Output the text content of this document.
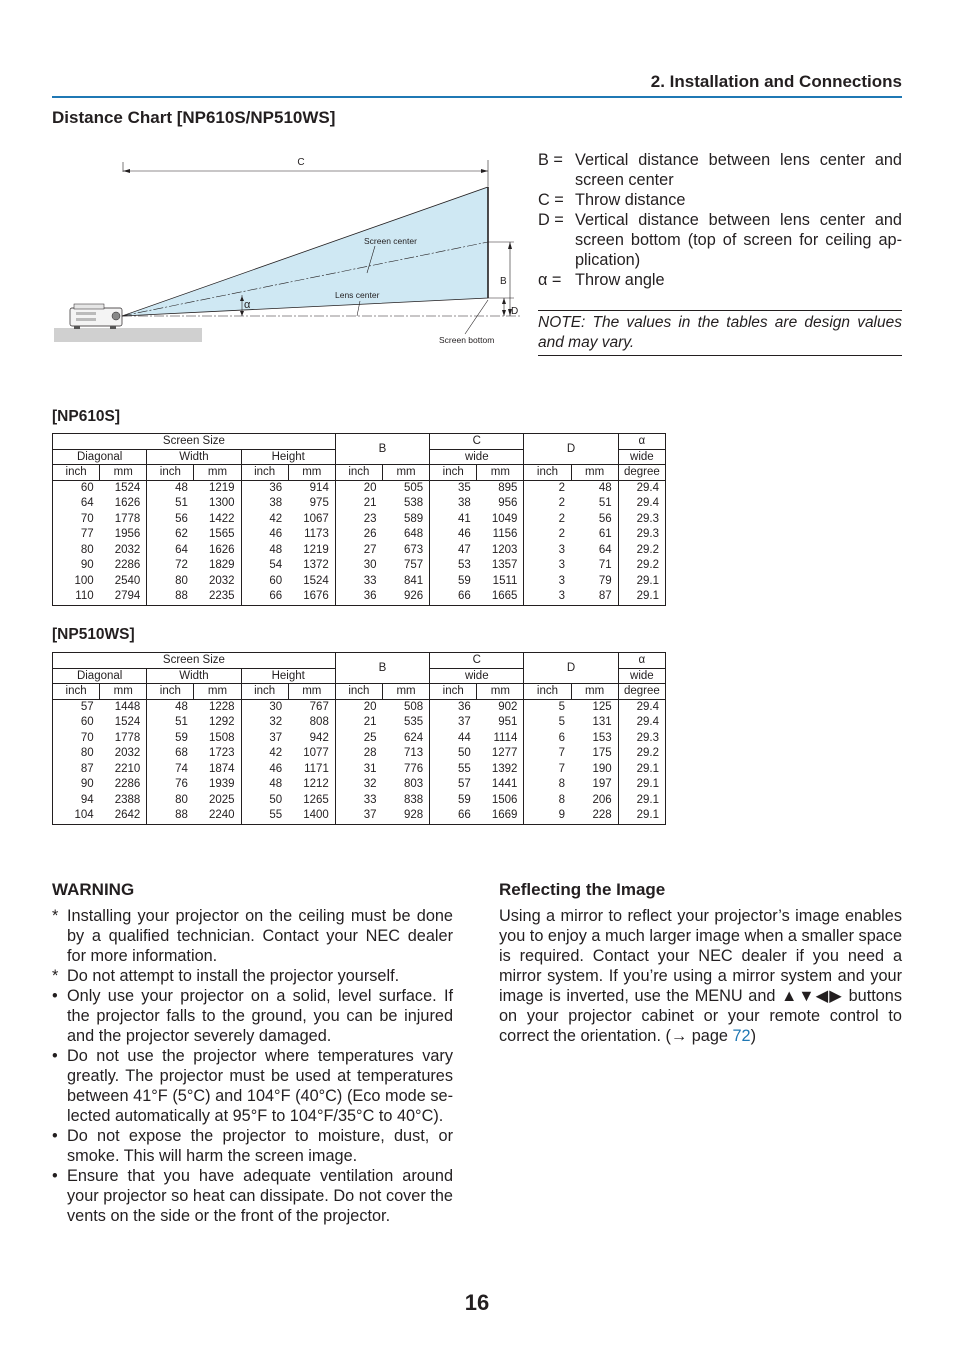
2. Installation and Connections
Distance Chart [NP610S/NP510WS]
C
B
D
α
Screen center
Lens center
Screen bottom
B = Vertical distance between lens center and screen center
C = Throw distance
D = Vertical distance between lens center and screen bottom (top of screen for ceiling ap-plication)
α = Throw angle
NOTE: The values in the tables are design values and may vary.
[NP610S]
Screen Size						B		C		D		α
Diagonal		Width		Height				wide				wide
inch	mm	inch	mm	inch	mm	inch	mm	inch	mm	inch	mm	degree
60	1524	48	1219	36	914	20	505	35	895	2	48	29.4
64	1626	51	1300	38	975	21	538	38	956	2	51	29.4
70	1778	56	1422	42	1067	23	589	41	1049	2	56	29.3
77	1956	62	1565	46	1173	26	648	46	1156	2	61	29.3
80	2032	64	1626	48	1219	27	673	47	1203	3	64	29.2
90	2286	72	1829	54	1372	30	757	53	1357	3	71	29.2
100	2540	80	2032	60	1524	33	841	59	1511	3	79	29.1
110	2794	88	2235	66	1676	36	926	66	1665	3	87	29.1
[NP510WS]
Screen Size						B		C		D		α
Diagonal		Width		Height				wide				wide
inch	mm	inch	mm	inch	mm	inch	mm	inch	mm	inch	mm	degree
57	1448	48	1228	30	767	20	508	36	902	5	125	29.4
60	1524	51	1292	32	808	21	535	37	951	5	131	29.4
70	1778	59	1508	37	942	25	624	44	1114	6	153	29.3
80	2032	68	1723	42	1077	28	713	50	1277	7	175	29.2
87	2210	74	1874	46	1171	31	776	55	1392	7	190	29.1
90	2286	76	1939	48	1212	32	803	57	1441	8	197	29.1
94	2388	80	2025	50	1265	33	838	59	1506	8	206	29.1
104	2642	88	2240	55	1400	37	928	66	1669	9	228	29.1
WARNING
* Installing your projector on the ceiling must be done by a qualified technician. Contact your NEC dealer for more information.
* Do not attempt to install the projector yourself.
• Only use your projector on a solid, level surface. If the projector falls to the ground, you can be injured and the projector severely damaged.
• Do not use the projector where temperatures vary greatly. The projector must be used at temperatures between 41°F (5°C) and 104°F (40°C) (Eco mode se-lected automatically at 95°F to 104°F/35°C to 40°C).
• Do not expose the projector to moisture, dust, or smoke. This will harm the screen image.
• Ensure that you have adequate ventilation around your projector so heat can dissipate. Do not cover the vents on the side or the front of the projector.
Reflecting the Image
Using a mirror to reflect your projector’s image enables you to enjoy a much larger image when a smaller space is required. Contact your NEC dealer if you need a mirror system. If you’re using a mirror system and your image is inverted, use the MENU and ▲▼◀▶ buttons on your projector cabinet or your remote control to correct the orientation. (→ page 72)
16
